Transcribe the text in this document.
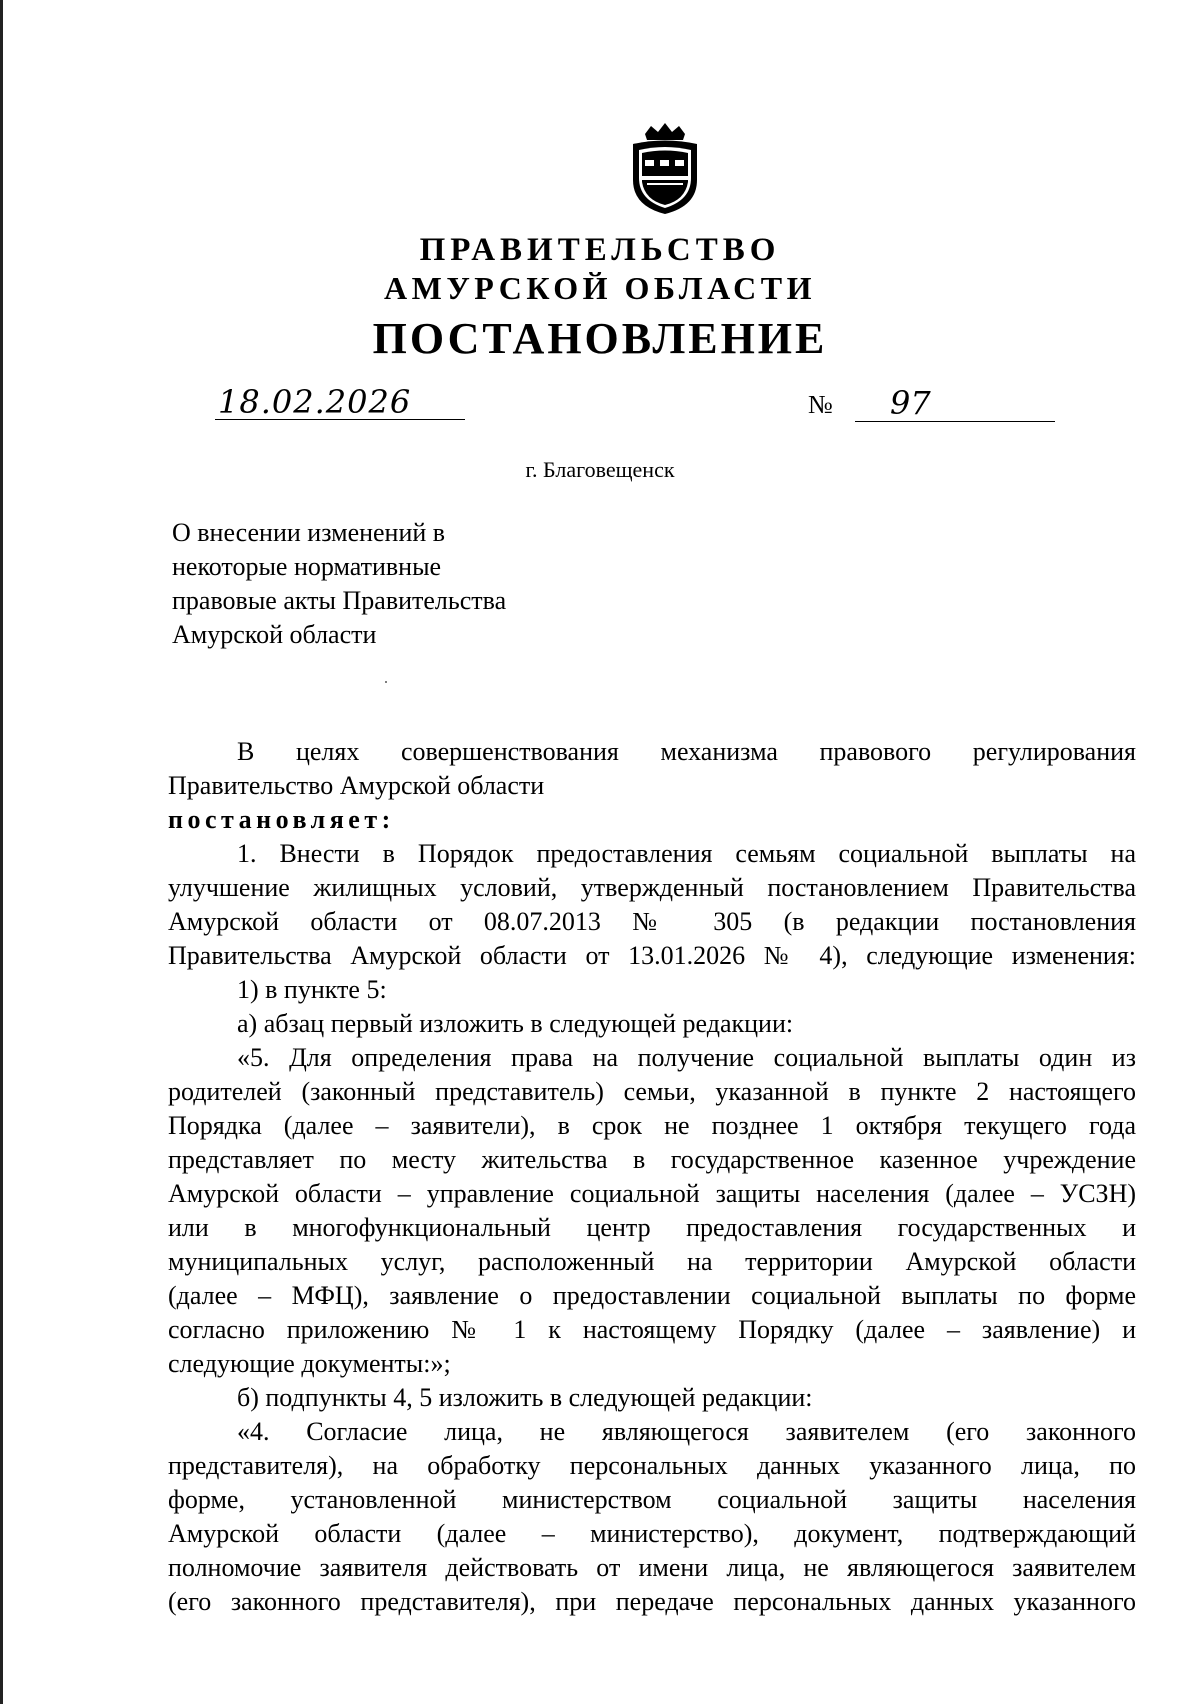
ПРАВИТЕЛЬСТВО
АМУРСКОЙ ОБЛАСТИ
ПОСТАНОВЛЕНИЕ
18.02.2026	№ 97
г. Благовещенск
О внесении изменений в
некоторые нормативные
правовые акты Правительства
Амурской области
В целях совершенствования механизма правового регулирования
Правительство Амурской области
постановляет:
1. Внести в Порядок предоставления семьям социальной выплаты на
улучшение жилищных условий, утвержденный постановлением Правительства
Амурской области от 08.07.2013 № 305 (в редакции постановления
Правительства Амурской области от 13.01.2026 № 4), следующие изменения:
1) в пункте 5:
а) абзац первый изложить в следующей редакции:
«5. Для определения права на получение социальной выплаты один из
родителей (законный представитель) семьи, указанной в пункте 2 настоящего
Порядка (далее – заявители), в срок не позднее 1 октября текущего года
представляет по месту жительства в государственное казенное учреждение
Амурской области – управление социальной защиты населения (далее – УСЗН)
или в многофункциональный центр предоставления государственных и
муниципальных услуг, расположенный на территории Амурской области
(далее – МФЦ), заявление о предоставлении социальной выплаты по форме
согласно приложению № 1 к настоящему Порядку (далее – заявление) и
следующие документы:»;
б) подпункты 4, 5 изложить в следующей редакции:
«4. Согласие лица, не являющегося заявителем (его законного
представителя), на обработку персональных данных указанного лица, по
форме, установленной министерством социальной защиты населения
Амурской области (далее – министерство), документ, подтверждающий
полномочие заявителя действовать от имени лица, не являющегося заявителем
(его законного представителя), при передаче персональных данных указанного
